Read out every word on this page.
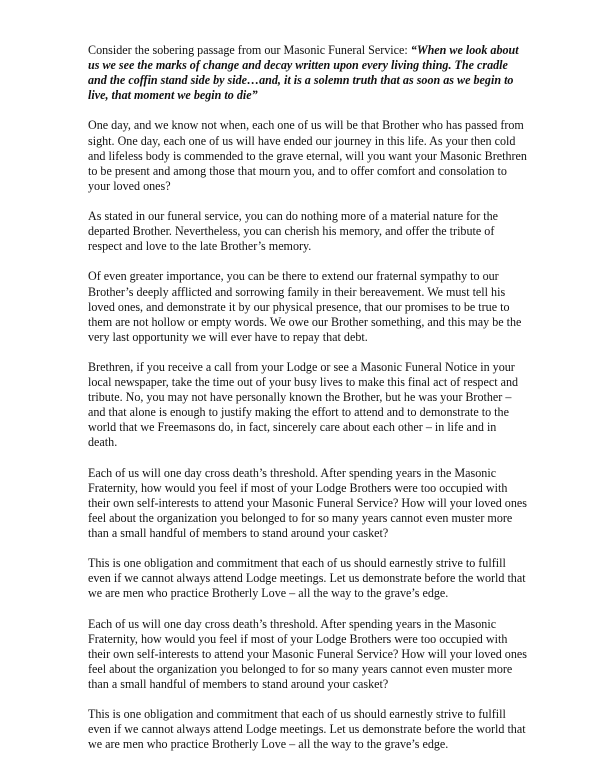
Consider the sobering passage from our Masonic Funeral Service: “When we look about us we see the marks of change and decay written upon every living thing. The cradle and the coffin stand side by side…and, it is a solemn truth that as soon as we begin to live, that moment we begin to die”

One day, and we know not when, each one of us will be that Brother who has passed from sight. One day, each one of us will have ended our journey in this life. As your then cold and lifeless body is commended to the grave eternal, will you want your Masonic Brethren to be present and among those that mourn you, and to offer comfort and consolation to your loved ones?

As stated in our funeral service, you can do nothing more of a material nature for the departed Brother. Nevertheless, you can cherish his memory, and offer the tribute of respect and love to the late Brother’s memory.

Of even greater importance, you can be there to extend our fraternal sympathy to our Brother’s deeply afflicted and sorrowing family in their bereavement. We must tell his loved ones, and demonstrate it by our physical presence, that our promises to be true to them are not hollow or empty words. We owe our Brother something, and this may be the very last opportunity we will ever have to repay that debt.

Brethren, if you receive a call from your Lodge or see a Masonic Funeral Notice in your local newspaper, take the time out of your busy lives to make this final act of respect and tribute. No, you may not have personally known the Brother, but he was your Brother – and that alone is enough to justify making the effort to attend and to demonstrate to the world that we Freemasons do, in fact, sincerely care about each other – in life and in death.

Each of us will one day cross death’s threshold. After spending years in the Masonic Fraternity, how would you feel if most of your Lodge Brothers were too occupied with their own self-interests to attend your Masonic Funeral Service? How will your loved ones feel about the organization you belonged to for so many years cannot even muster more than a small handful of members to stand around your casket?

This is one obligation and commitment that each of us should earnestly strive to fulfill even if we cannot always attend Lodge meetings. Let us demonstrate before the world that we are men who practice Brotherly Love – all the way to the grave’s edge.

Each of us will one day cross death’s threshold. After spending years in the Masonic Fraternity, how would you feel if most of your Lodge Brothers were too occupied with their own self-interests to attend your Masonic Funeral Service? How will your loved ones feel about the organization you belonged to for so many years cannot even muster more than a small handful of members to stand around your casket?

This is one obligation and commitment that each of us should earnestly strive to fulfill even if we cannot always attend Lodge meetings. Let us demonstrate before the world that we are men who practice Brotherly Love – all the way to the grave’s edge.
